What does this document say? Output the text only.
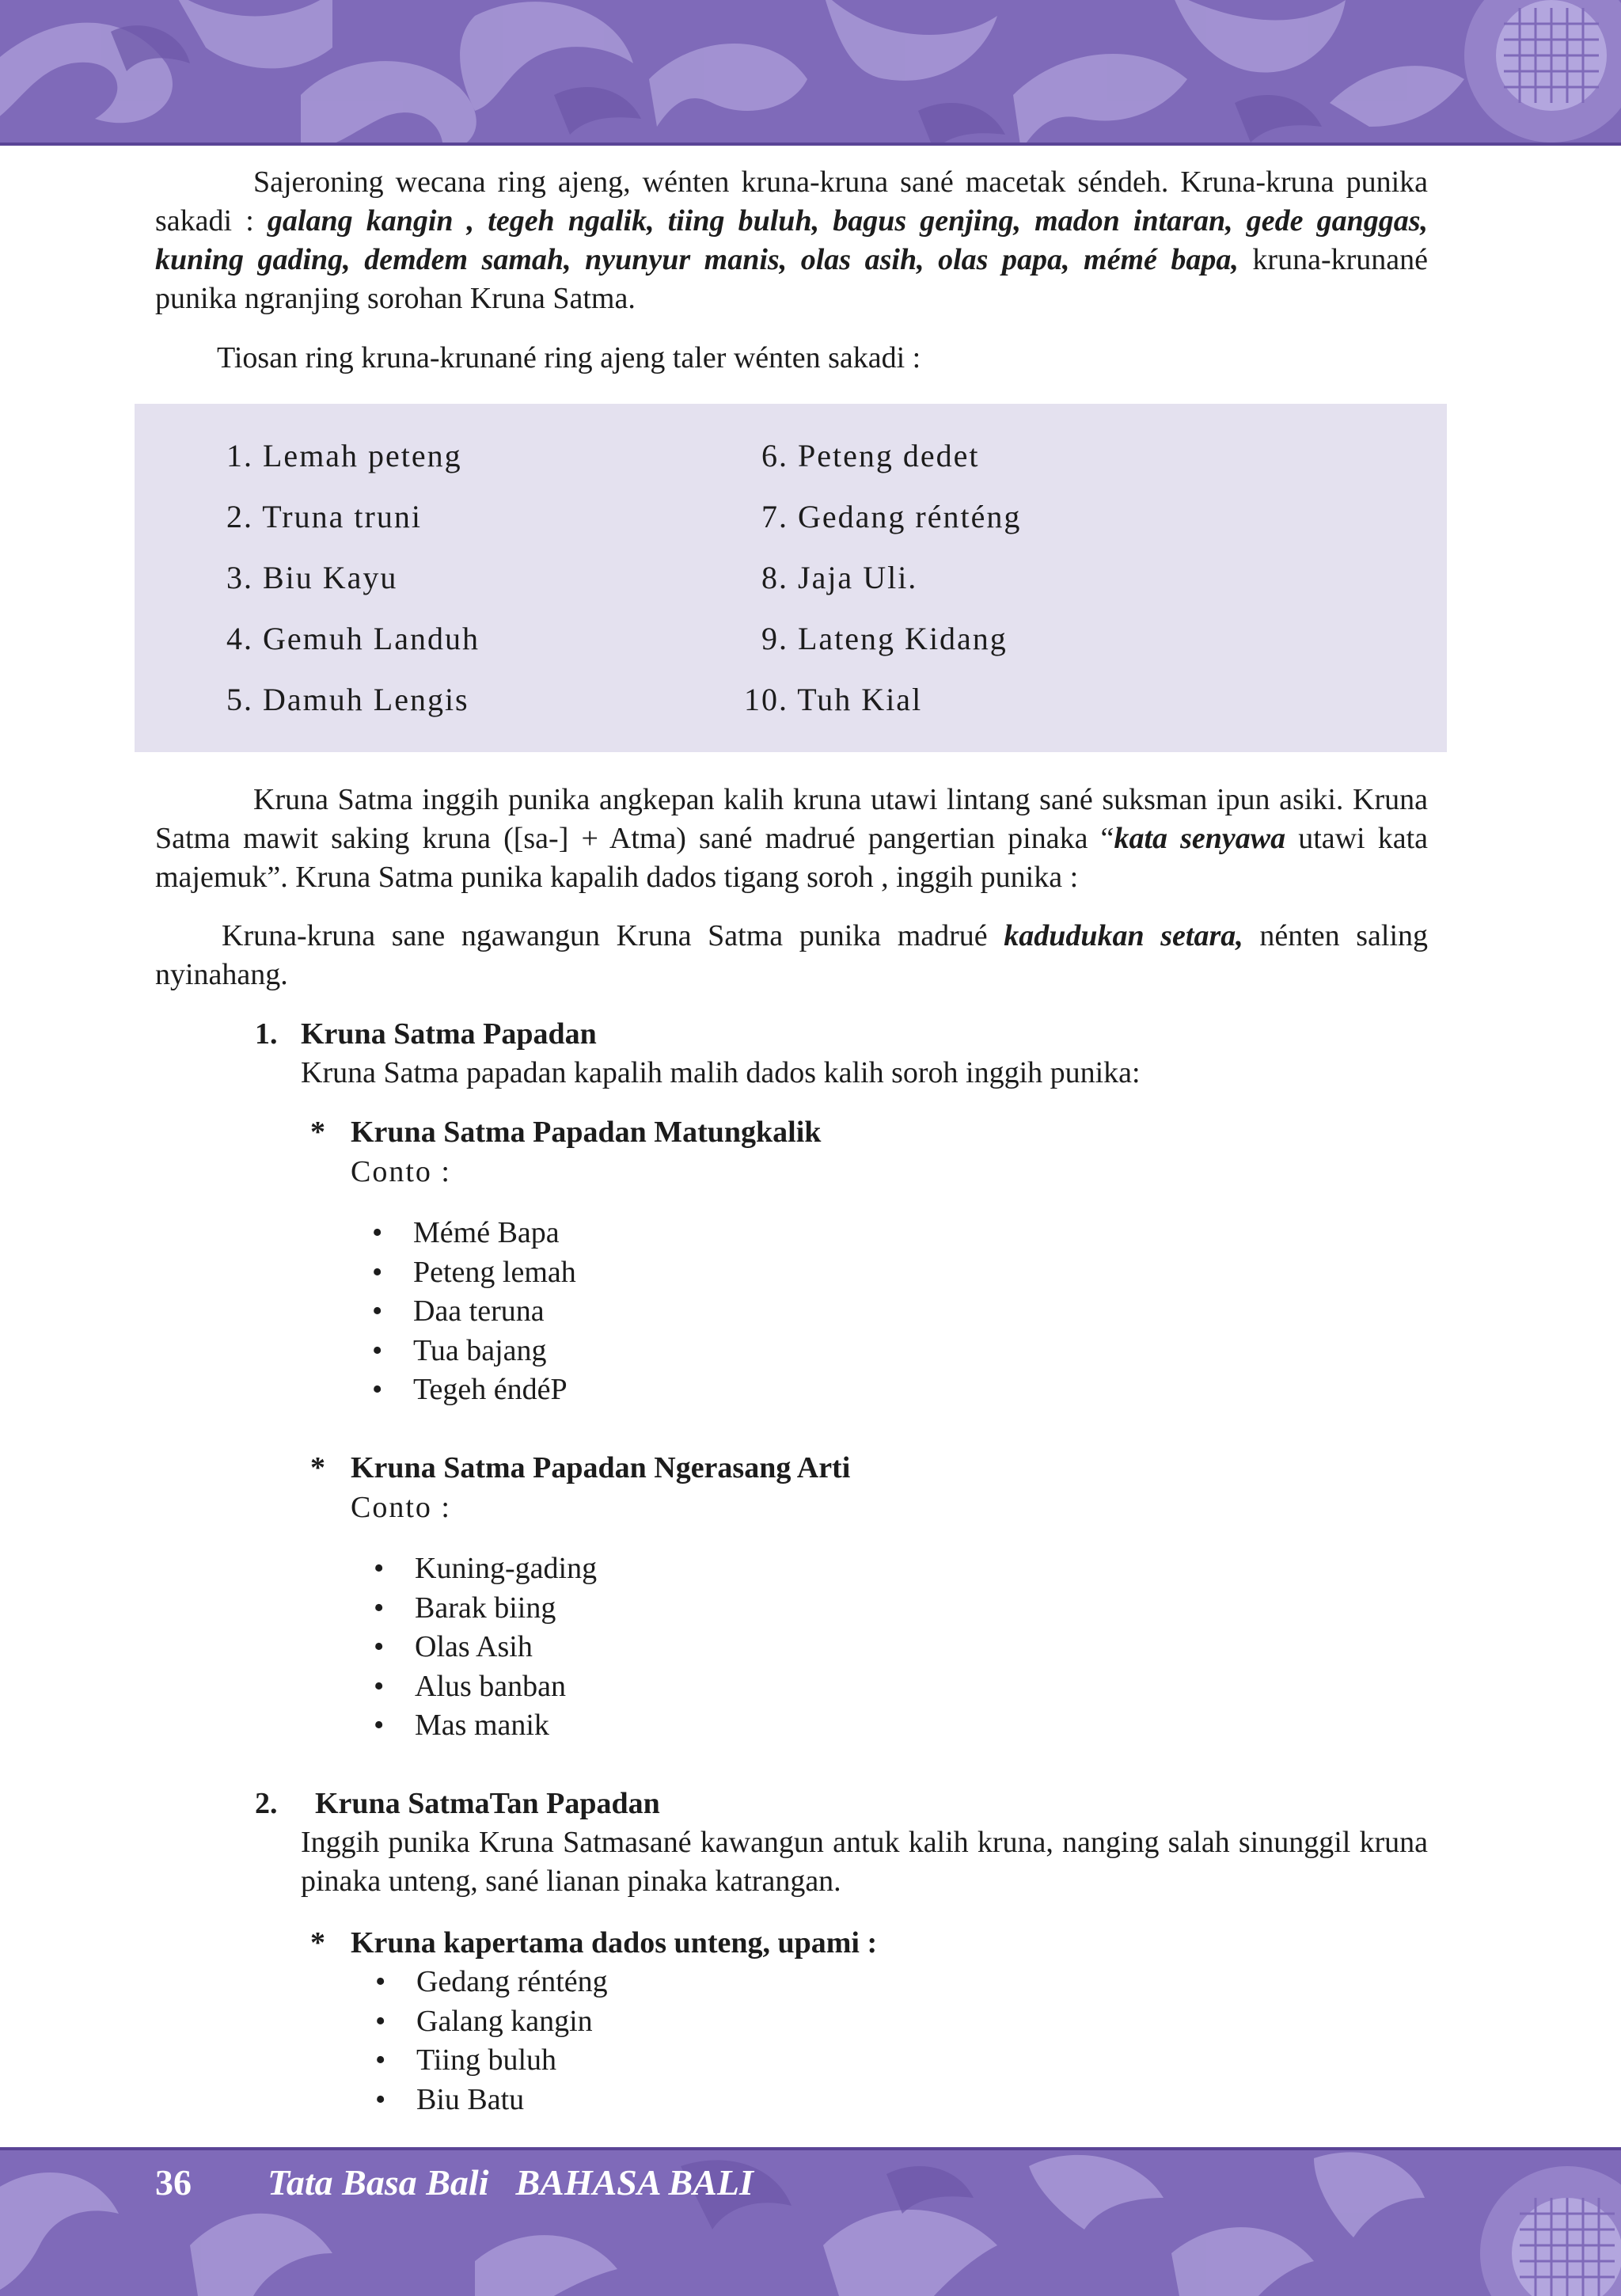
Sajeroning wecana ring ajeng, wénten kruna-kruna sané macetak séndeh. Kruna-kruna punika sakadi : galang kangin , tegeh ngalik, tiing buluh, bagus genjing, madon intaran, gede ganggas, kuning gading, demdem samah, nyunyur manis, olas asih, olas papa, mémé bapa, kruna-krunané punika ngranjing sorohan Kruna Satma.

Tiosan ring kruna-krunané ring ajeng taler wénten sakadi :

1. Lemah peteng
2. Truna truni
3. Biu Kayu
4. Gemuh Landuh
5. Damuh Lengis
6. Peteng dedet
7. Gedang rénténg
8. Jaja Uli.
9. Lateng Kidang
10. Tuh Kial

Kruna Satma inggih punika angkepan kalih kruna utawi lintang sané suksman ipun asiki. Kruna Satma mawit saking kruna ([sa-] + Atma) sané madrué pangertian pinaka “kata senyawa utawi kata majemuk”. Kruna Satma punika kapalih dados tigang soroh , inggih punika :

Kruna-kruna sane ngawangun Kruna Satma punika madrué kadudukan setara, nénten saling nyinahang.

1. Kruna Satma Papadan

Kruna Satma papadan kapalih malih dados kalih soroh inggih punika:

* Kruna Satma Papadan Matungkalik

Conto :

• Mémé Bapa
• Peteng lemah
• Daa teruna
• Tua bajang
• Tegeh éndéP

* Kruna Satma Papadan Ngerasang Arti

Conto :

• Kuning-gading
• Barak biing
• Olas Asih
• Alus banban
• Mas manik

2. Kruna SatmaTan Papadan

Inggih punika Kruna Satmasané kawangun antuk kalih kruna, nanging salah sinunggil kruna pinaka unteng, sané lianan pinaka katrangan.

* Kruna kapertama dados unteng, upami :

• Gedang rénténg
• Galang kangin
• Tiing buluh
• Biu Batu
36 Tata Basa Bali BAHASA BALI
